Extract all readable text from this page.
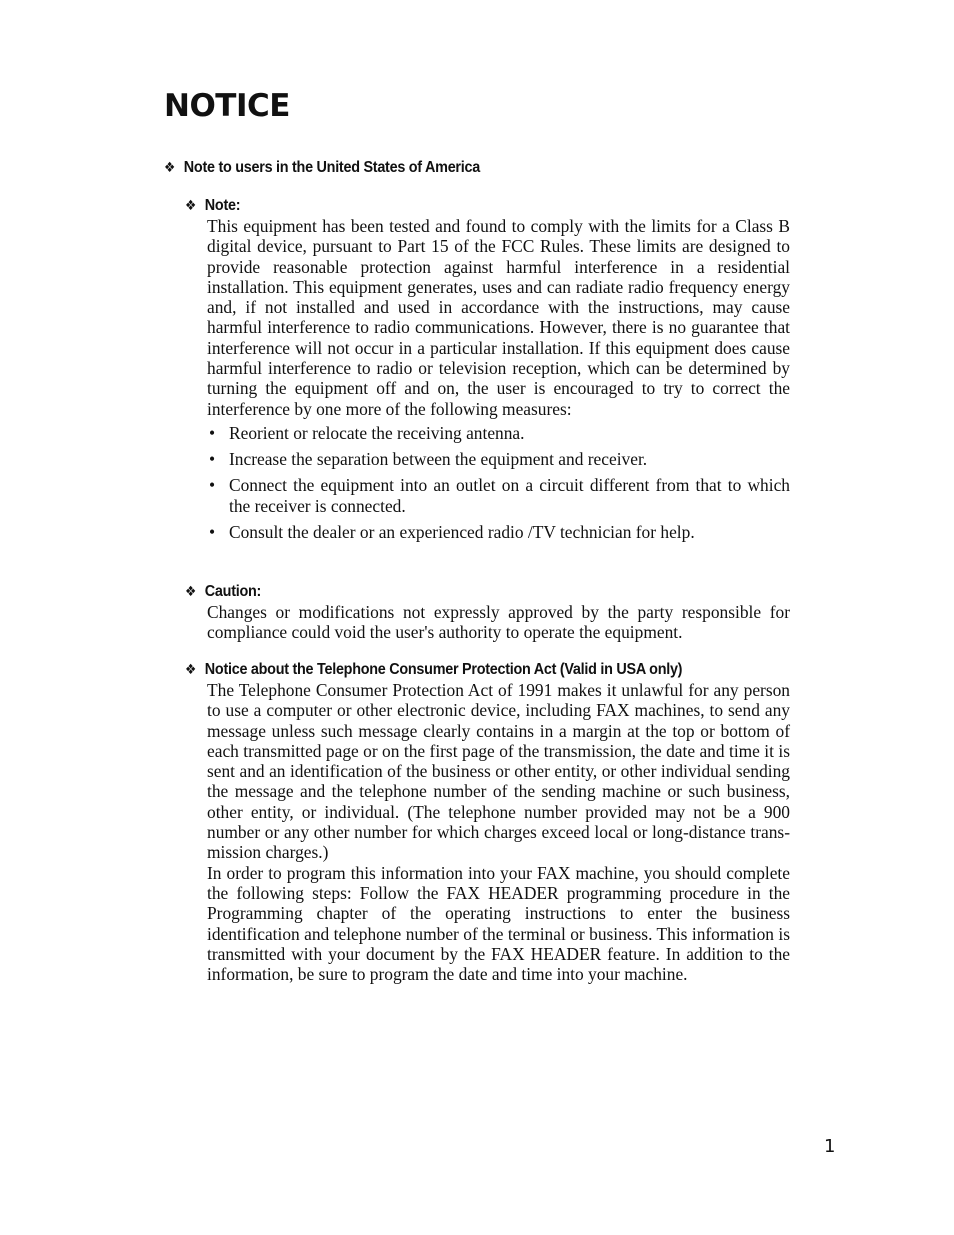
NOTICE
❖ Note to users in the United States of America
❖ Note:

This equipment has been tested and found to comply with the limits for a Class B digital device, pursuant to Part 15 of the FCC Rules. These limits are designed to provide reasonable protection against harmful interference in a residential installation. This equipment generates, uses and can radiate radio frequency energy and, if not installed and used in accordance with the instructions, may cause harmful interference to radio communications. However, there is no guarantee that interference will not occur in a particular installation. If this equipment does cause harmful interference to radio or television reception, which can be determined by turning the equipment off and on, the user is encouraged to try to correct the interference by one more of the following measures:

• Reorient or relocate the receiving antenna.
• Increase the separation between the equipment and receiver.
• Connect the equipment into an outlet on a circuit different from that to which the receiver is connected.
• Consult the dealer or an experienced radio /TV technician for help.
❖ Caution:

Changes or modifications not expressly approved by the party responsible for compliance could void the user's authority to operate the equipment.

❖ Notice about the Telephone Consumer Protection Act (Valid in USA only)

The Telephone Consumer Protection Act of 1991 makes it unlawful for any person to use a computer or other electronic device, including FAX machines, to send any message unless such message clearly contains in a margin at the top or bottom of each transmitted page or on the first page of the transmission, the date and time it is sent and an identification of the business or other entity, or other individual sending the message and the telephone number of the sending machine or such business, other entity, or individual. (The telephone number provided may not be a 900 number or any other number for which charges exceed local or long-distance transmission charges.)

In order to program this information into your FAX machine, you should complete the following steps: Follow the FAX HEADER programming procedure in the Programming chapter of the operating instructions to enter the business identification and telephone number of the terminal or business. This information is transmitted with your document by the FAX HEADER feature. In addition to the information, be sure to program the date and time into your machine.

1
